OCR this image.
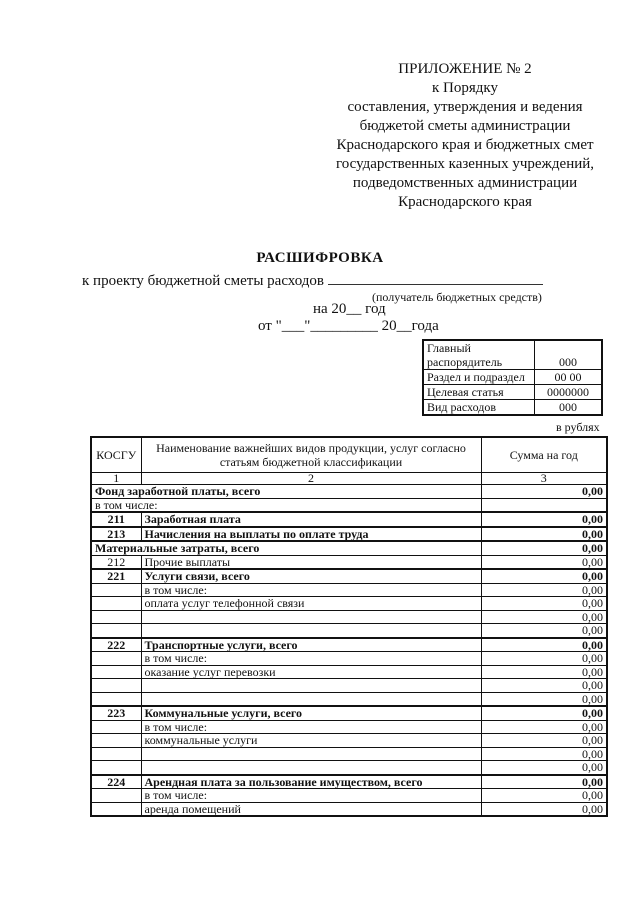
ПРИЛОЖЕНИЕ № 2
к Порядку
составления, утверждения и ведения
бюджетой сметы администрации
Краснодарского края и бюджетных смет
государственных казенных учреждений,
подведомственных администрации
Краснодарского края
РАСШИФРОВКА
к проекту бюджетной сметы расходов
(получатель бюджетных средств)
на 20__ год
от "___"_________ 20__года
Главный	
распорядитель	000
Раздел и подраздел	00 00
Целевая статья	0000000
Вид расходов	000
в рублях
КОСГУ	Наименование важнейших видов продукции, услуг согласно статьям бюджетной классификации	Сумма на год
1	2	3
Фонд заработной платы, всего		0,00
в том числе:		
211	Заработная плата	0,00
213	Начисления на выплаты по оплате труда	0,00
Материальные затраты, всего		0,00
212	Прочие выплаты	0,00
221	Услуги связи, всего	0,00
	в том числе:	0,00
	оплата услуг телефонной связи	0,00
		0,00
		0,00
222	Транспортные услуги, всего	0,00
	в том числе:	0,00
	оказание услуг перевозки	0,00
		0,00
		0,00
223	Коммунальные услуги, всего	0,00
	в том числе:	0,00
	коммунальные услуги	0,00
		0,00
		0,00
224	Арендная плата за пользование имуществом, всего	0,00
	в том числе:	0,00
	аренда помещений	0,00
